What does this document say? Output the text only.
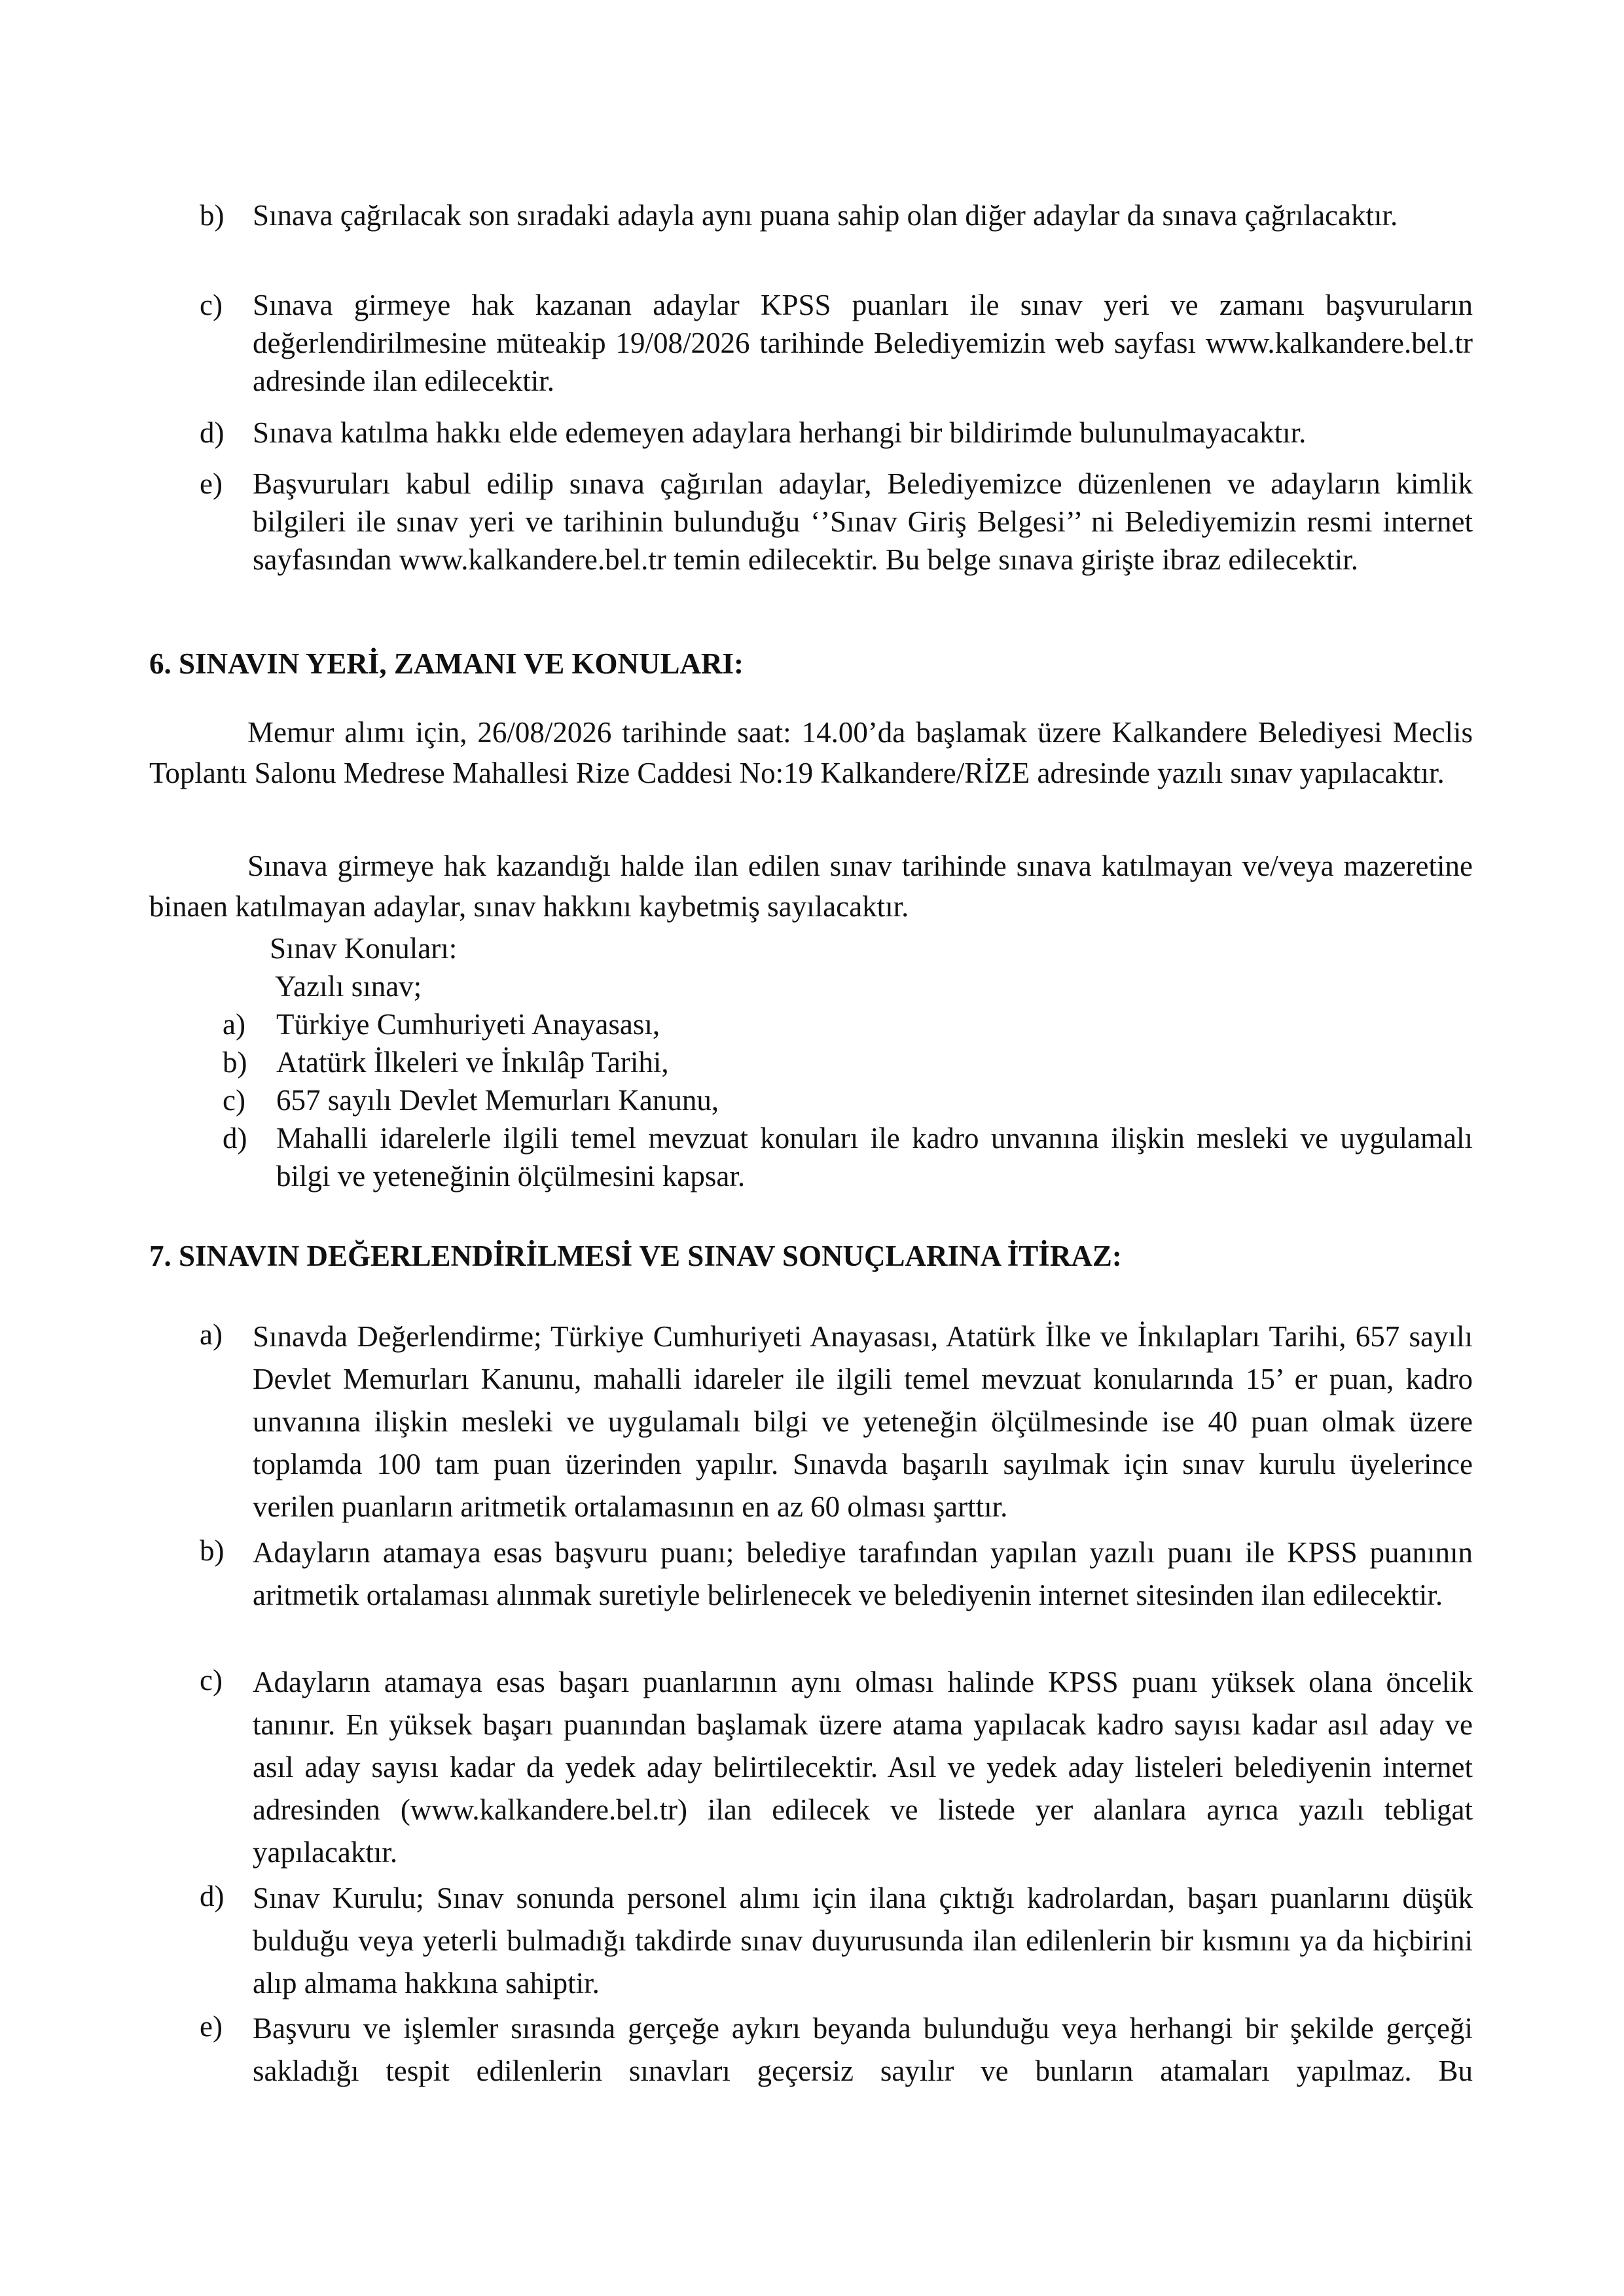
b) Sınava çağrılacak son sıradaki adayla aynı puana sahip olan diğer adaylar da sınava çağrılacaktır.
c) Sınava girmeye hak kazanan adaylar KPSS puanları ile sınav yeri ve zamanı başvuruların değerlendirilmesine müteakip 19/08/2026 tarihinde Belediyemizin web sayfası www.kalkandere.bel.tr adresinde ilan edilecektir.
d) Sınava katılma hakkı elde edemeyen adaylara herhangi bir bildirimde bulunulmayacaktır.
e) Başvuruları kabul edilip sınava çağırılan adaylar, Belediyemizce düzenlenen ve adayların kimlik bilgileri ile sınav yeri ve tarihinin bulunduğu ‘’Sınav Giriş Belgesi’’ ni Belediyemizin resmi internet sayfasından www.kalkandere.bel.tr temin edilecektir. Bu belge sınava girişte ibraz edilecektir.
6. SINAVIN YERİ, ZAMANI VE KONULARI:
Memur alımı için, 26/08/2026 tarihinde saat: 14.00’da başlamak üzere Kalkandere Belediyesi Meclis Toplantı Salonu Medrese Mahallesi Rize Caddesi No:19 Kalkandere/RİZE adresinde yazılı sınav yapılacaktır.
Sınava girmeye hak kazandığı halde ilan edilen sınav tarihinde sınava katılmayan ve/veya mazeretine binaen katılmayan adaylar, sınav hakkını kaybetmiş sayılacaktır.
Sınav Konuları:
Yazılı sınav;
a) Türkiye Cumhuriyeti Anayasası,
b) Atatürk İlkeleri ve İnkılâp Tarihi,
c) 657 sayılı Devlet Memurları Kanunu,
d) Mahalli idarelerle ilgili temel mevzuat konuları ile kadro unvanına ilişkin mesleki ve uygulamalı bilgi ve yeteneğinin ölçülmesini kapsar.
7. SINAVIN DEĞERLENDİRİLMESİ VE SINAV SONUÇLARINA İTİRAZ:
a) Sınavda Değerlendirme; Türkiye Cumhuriyeti Anayasası, Atatürk İlke ve İnkılapları Tarihi, 657 sayılı Devlet Memurları Kanunu, mahalli idareler ile ilgili temel mevzuat konularında 15’ er puan, kadro unvanına ilişkin mesleki ve uygulamalı bilgi ve yeteneğin ölçülmesinde ise 40 puan olmak üzere toplamda 100 tam puan üzerinden yapılır. Sınavda başarılı sayılmak için sınav kurulu üyelerince verilen puanların aritmetik ortalamasının en az 60 olması şarttır.
b) Adayların atamaya esas başvuru puanı; belediye tarafından yapılan yazılı puanı ile KPSS puanının aritmetik ortalaması alınmak suretiyle belirlenecek ve belediyenin internet sitesinden ilan edilecektir.
c) Adayların atamaya esas başarı puanlarının aynı olması halinde KPSS puanı yüksek olana öncelik tanınır. En yüksek başarı puanından başlamak üzere atama yapılacak kadro sayısı kadar asıl aday ve asıl aday sayısı kadar da yedek aday belirtilecektir. Asıl ve yedek aday listeleri belediyenin internet adresinden (www.kalkandere.bel.tr) ilan edilecek ve listede yer alanlara ayrıca yazılı tebligat yapılacaktır.
d) Sınav Kurulu; Sınav sonunda personel alımı için ilana çıktığı kadrolardan, başarı puanlarını düşük bulduğu veya yeterli bulmadığı takdirde sınav duyurusunda ilan edilenlerin bir kısmını ya da hiçbirini alıp almama hakkına sahiptir.
e) Başvuru ve işlemler sırasında gerçeğe aykırı beyanda bulunduğu veya herhangi bir şekilde gerçeği sakladığı tespit edilenlerin sınavları geçersiz sayılır ve bunların atamaları yapılmaz. Bu
